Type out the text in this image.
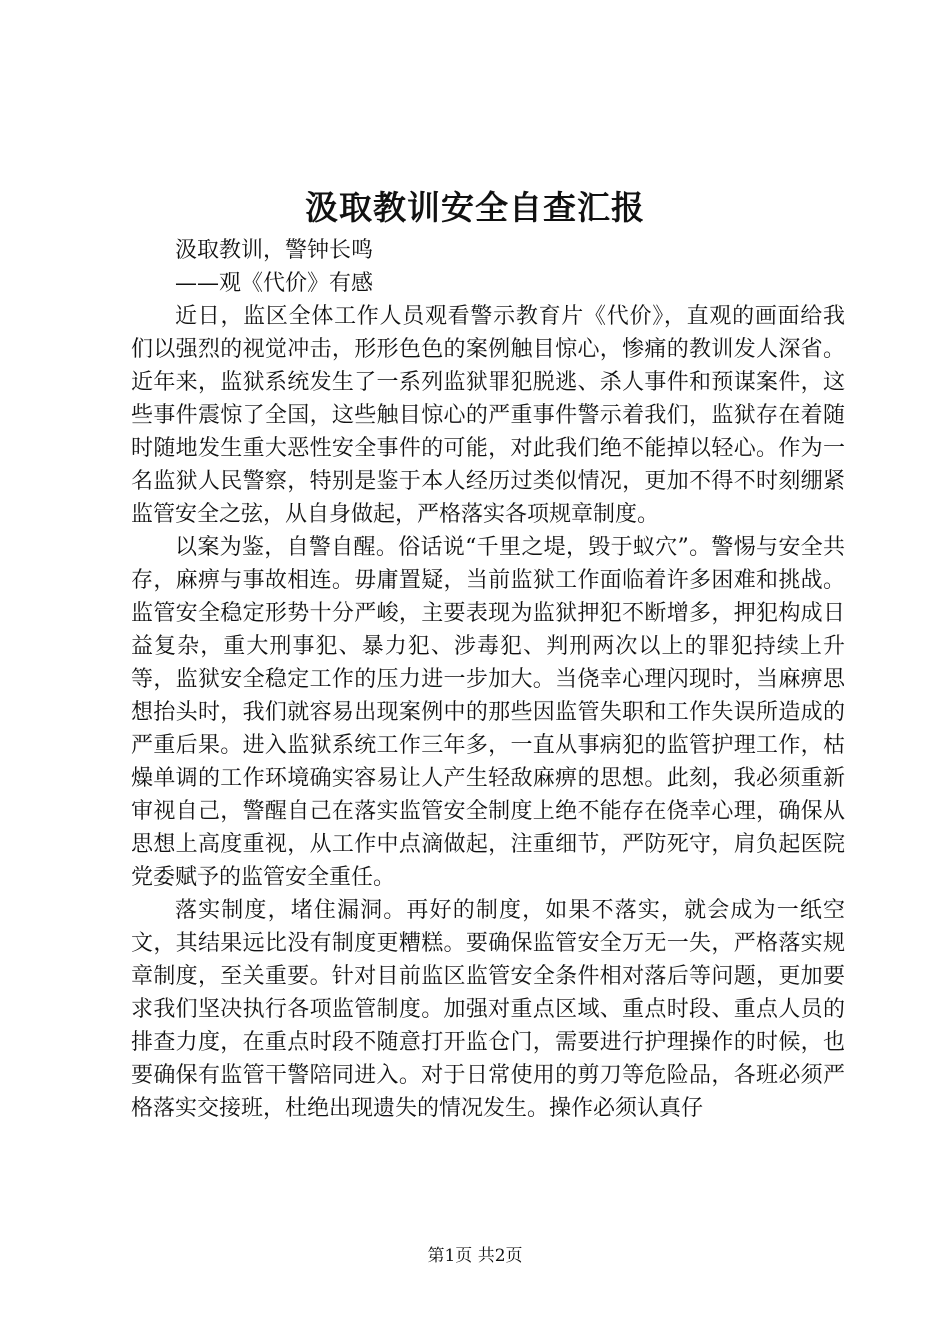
汲取教训安全自查汇报

汲取教训，警钟长鸣

——观《代价》有感

近日，监区全体工作人员观看警示教育片《代价》，直观的画面给我们以强烈的视觉冲击，形形色色的案例触目惊心，惨痛的教训发人深省。近年来，监狱系统发生了一系列监狱罪犯脱逃、杀人事件和预谋案件，这些事件震惊了全国，这些触目惊心的严重事件警示着我们，监狱存在着随时随地发生重大恶性安全事件的可能，对此我们绝不能掉以轻心。作为一名监狱人民警察，特别是鉴于本人经历过类似情况，更加不得不时刻绷紧监管安全之弦，从自身做起，严格落实各项规章制度。

以案为鉴，自警自醒。俗话说“千里之堤，毁于蚁穴”。警惕与安全共存，麻痹与事故相连。毋庸置疑，当前监狱工作面临着许多困难和挑战。监管安全稳定形势十分严峻，主要表现为监狱押犯不断增多，押犯构成日益复杂，重大刑事犯、暴力犯、涉毒犯、判刑两次以上的罪犯持续上升等，监狱安全稳定工作的压力进一步加大。当侥幸心理闪现时，当麻痹思想抬头时，我们就容易出现案例中的那些因监管失职和工作失误所造成的严重后果。进入监狱系统工作三年多，一直从事病犯的监管护理工作，枯燥单调的工作环境确实容易让人产生轻敌麻痹的思想。此刻，我必须重新审视自己，警醒自己在落实监管安全制度上绝不能存在侥幸心理，确保从思想上高度重视，从工作中点滴做起，注重细节，严防死守，肩负起医院党委赋予的监管安全重任。

落实制度，堵住漏洞。再好的制度，如果不落实，就会成为一纸空文，其结果远比没有制度更糟糕。要确保监管安全万无一失，严格落实规章制度，至关重要。针对目前监区监管安全条件相对落后等问题，更加要求我们坚决执行各项监管制度。加强对重点区域、重点时段、重点人员的排查力度，在重点时段不随意打开监仓门，需要进行护理操作的时候，也要确保有监管干警陪同进入。对于日常使用的剪刀等危险品，各班必须严格落实交接班，杜绝出现遗失的情况发生。操作必须认真仔

第1页 共2页
